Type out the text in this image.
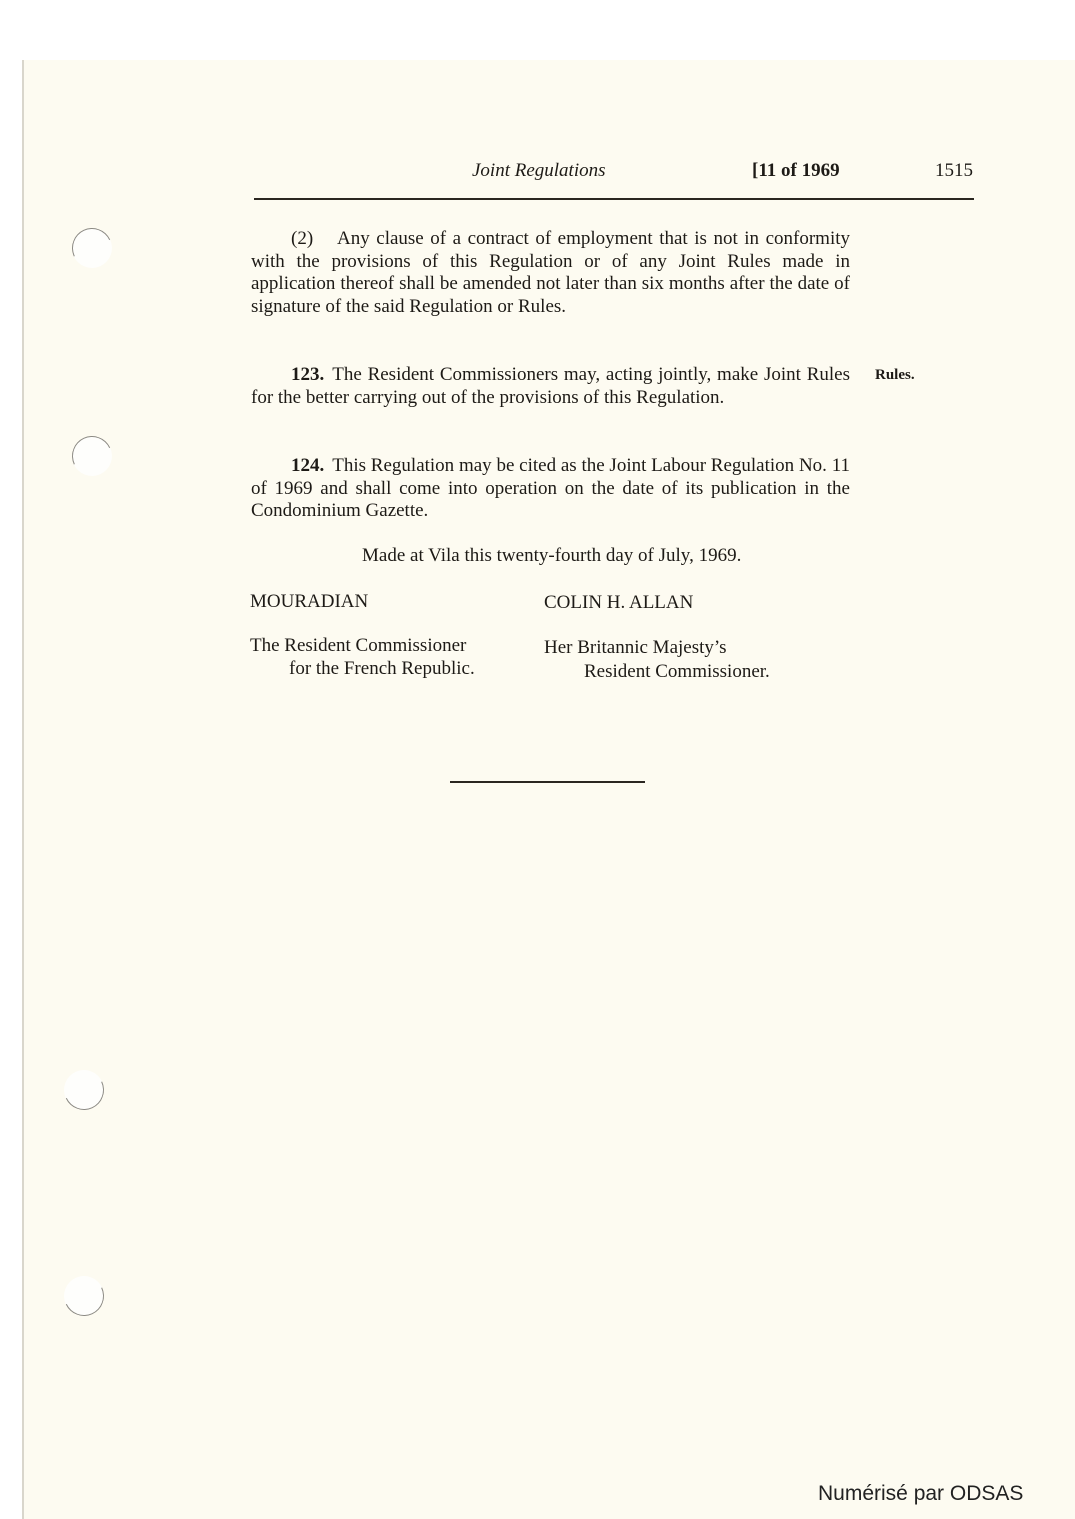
Joint Regulations	[11 of 1969	1515
(2) Any clause of a contract of employment that is not in conformity with the provisions of this Regulation or of any Joint Rules made in application thereof shall be amended not later than six months after the date of signature of the said Regulation or Rules.
123. The Resident Commissioners may, acting jointly, make Joint Rules for the better carrying out of the provisions of this Regulation.
Rules.
124. This Regulation may be cited as the Joint Labour Regulation No. 11 of 1969 and shall come into operation on the date of its publication in the Condominium Gazette.
Made at Vila this twenty-fourth day of July, 1969.
MOURADIAN	COLIN H. ALLAN
The Resident Commissioner
for the French Republic.
Her Britannic Majesty’s
Resident Commissioner.
Numérisé par ODSAS
